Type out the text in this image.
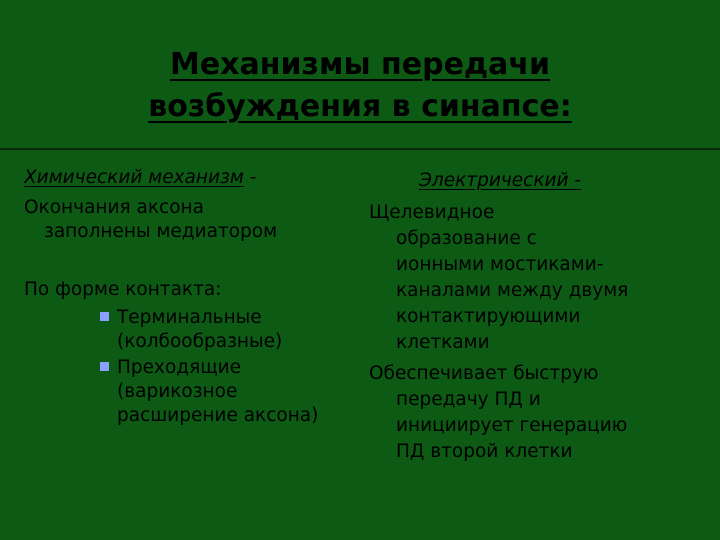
Механизмы передачи
возбуждения в синапсе:
Химический механизм -
Окончания аксона
заполнены медиатором
По форме контакта:
Терминальные
(колбообразные)
Преходящие
(варикозное
расширение аксона)
Электрический -
Щелевидное
образование с
ионными мостиками-
каналами между двумя
контактирующими
клетками
Обеспечивает быструю
передачу ПД и
инициирует генерацию
ПД второй клетки
